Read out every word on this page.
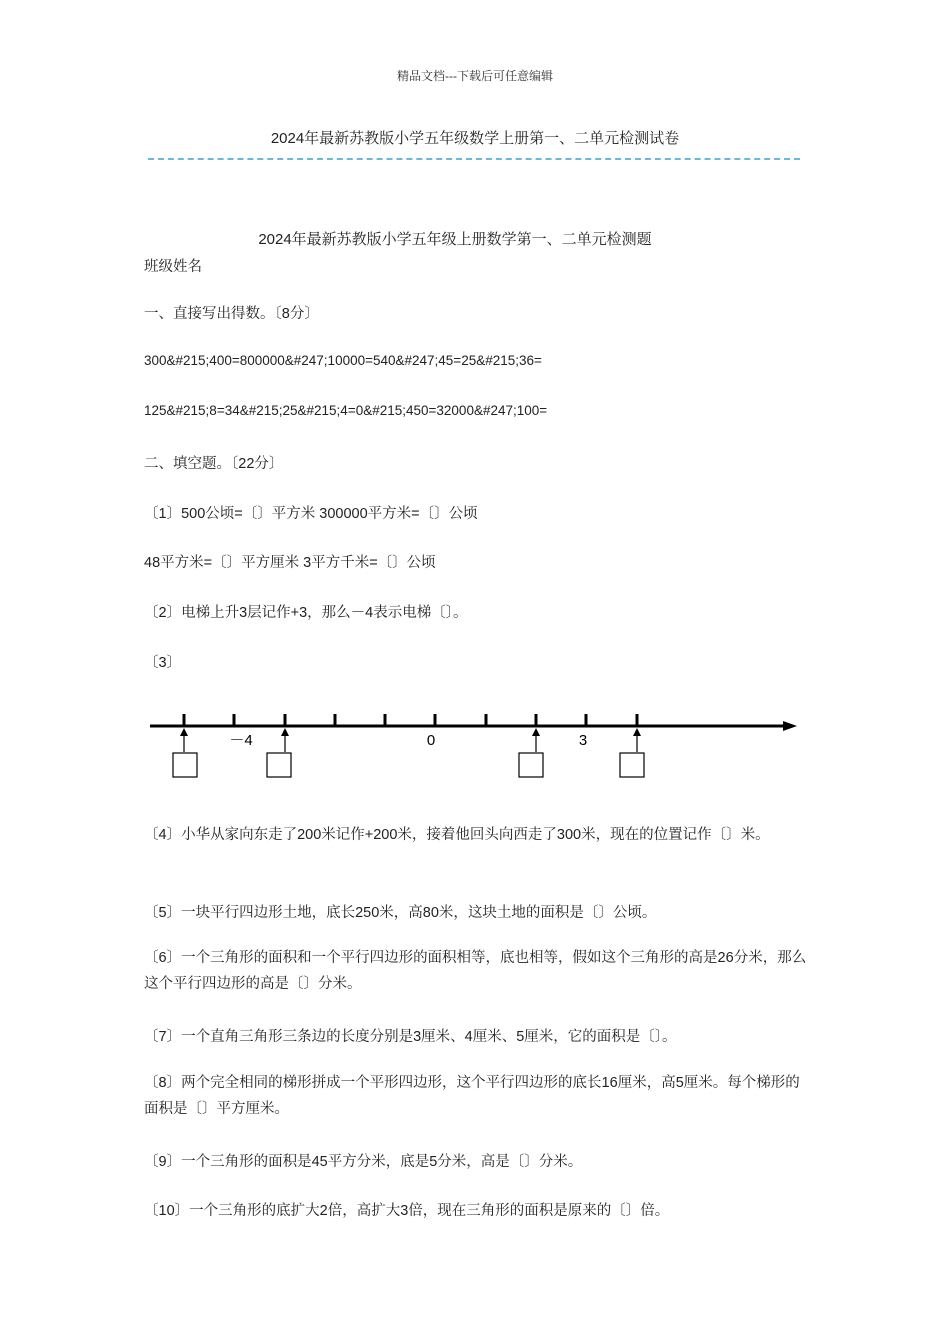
精品文档---下载后可任意编辑
2024年最新苏教版小学五年级数学上册第一、二单元检测试卷
2024年最新苏教版小学五年级上册数学第一、二单元检测题
班级姓名
一、直接写出得数。〔8分〕
300&#215;400=800000&#247;10000=540&#247;45=25&#215;36=
125&#215;8=34&#215;25&#215;4=0&#215;450=32000&#247;100=
二、填空题。〔22分〕
〔1〕500公顷=〔〕平方米 300000平方米=〔〕公顷
48平方米=〔〕平方厘米 3平方千米=〔〕公顷
〔2〕电梯上升3层记作+3，那么－4表示电梯〔〕。
〔3〕
－4	0	3
〔4〕小华从家向东走了200米记作+200米，接着他回头向西走了300米，现在的位置记作〔〕米。
〔5〕一块平行四边形土地，底长250米，高80米，这块土地的面积是〔〕公顷。
〔6〕一个三角形的面积和一个平行四边形的面积相等，底也相等，假如这个三角形的高是26分米，那么这个平行四边形的高是〔〕分米。
〔7〕一个直角三角形三条边的长度分别是3厘米、4厘米、5厘米，它的面积是〔〕。
〔8〕两个完全相同的梯形拼成一个平形四边形，这个平行四边形的底长16厘米，高5厘米。每个梯形的面积是〔〕平方厘米。
〔9〕一个三角形的面积是45平方分米，底是5分米，高是〔〕分米。
〔10〕一个三角形的底扩大2倍，高扩大3倍，现在三角形的面积是原来的〔〕倍。
